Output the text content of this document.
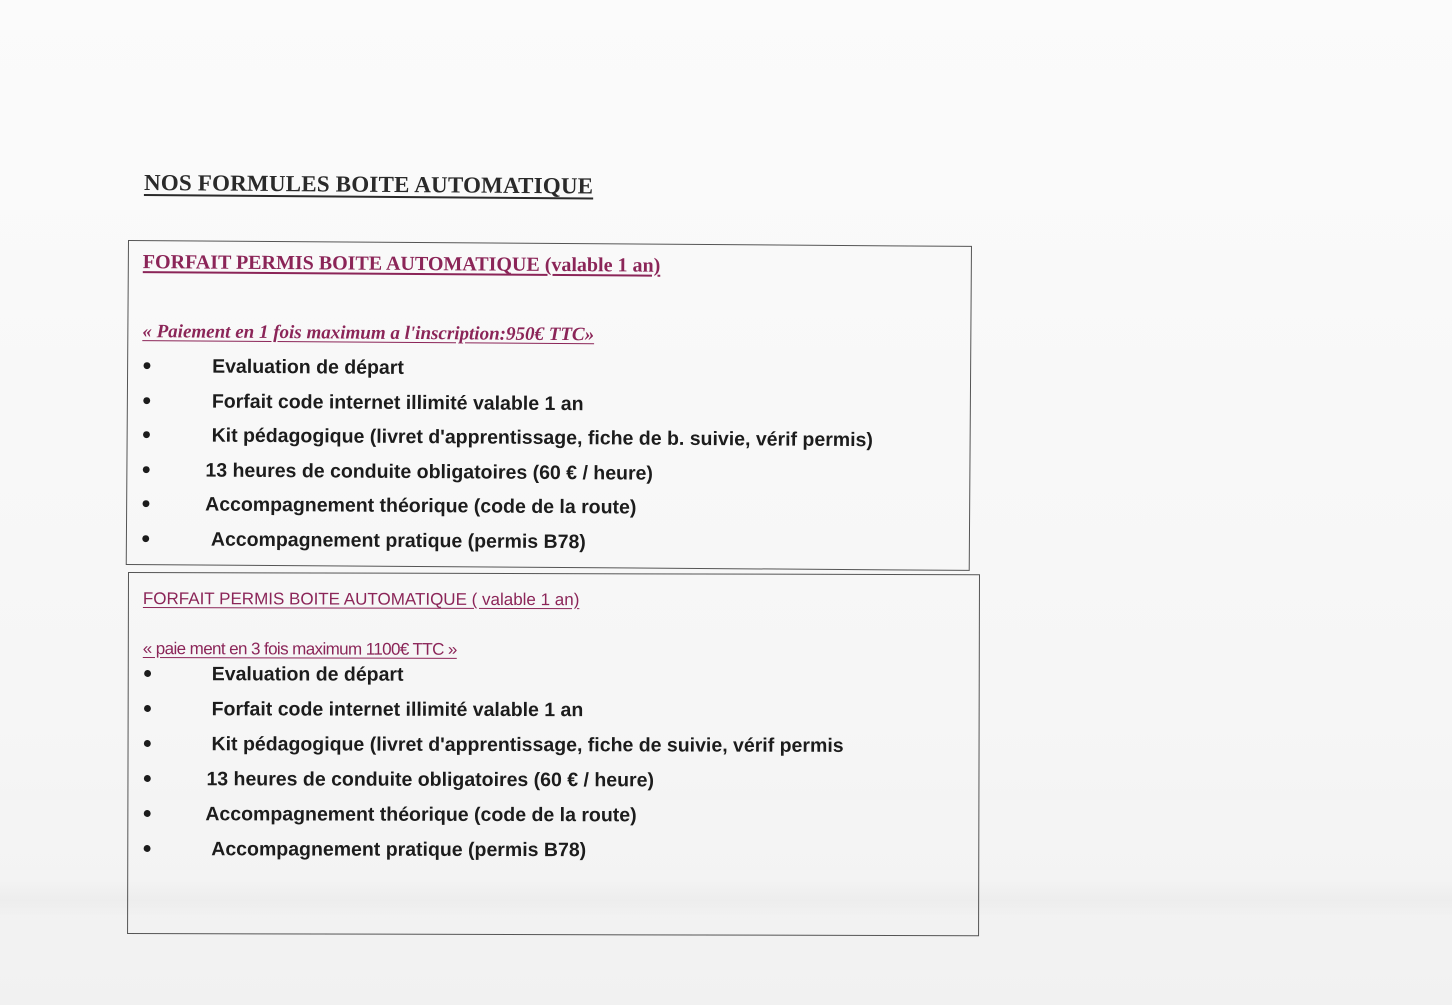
NOS FORMULES BOITE AUTOMATIQUE
FORFAIT PERMIS BOITE AUTOMATIQUE (valable 1 an)

« Paiement en 1 fois maximum a l'inscription:950€ TTC»

●	Evaluation de départ
●	Forfait code internet illimité valable 1 an
●	Kit pédagogique (livret d'apprentissage, fiche de b. suivie, vérif permis)
●	13 heures de conduite obligatoires (60 € / heure)
●	Accompagnement théorique (code de la route)
●	Accompagnement pratique (permis B78)
FORFAIT PERMIS BOITE AUTOMATIQUE ( valable 1 an)

« paie ment en 3 fois maximum 1100€ TTC »

●	Evaluation de départ
●	Forfait code internet illimité valable 1 an
●	Kit pédagogique (livret d'apprentissage, fiche de suivie, vérif permis
●	13 heures de conduite obligatoires (60 € / heure)
●	Accompagnement théorique (code de la route)
●	Accompagnement pratique (permis B78)
